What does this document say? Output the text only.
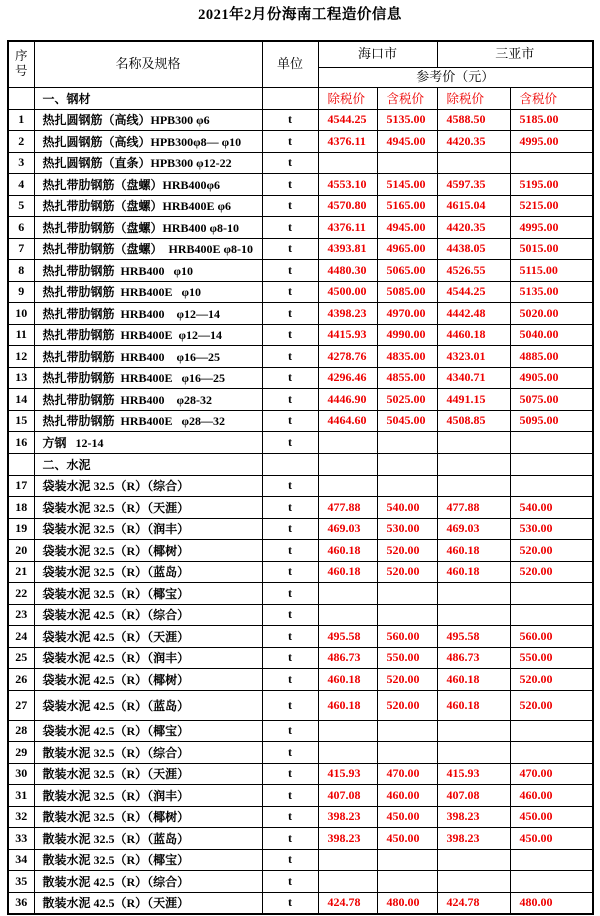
2021年2月份海南工程造价信息
序号	名称及规格	单位	海口市		三亚市	
			参考价（元）			
	一、钢材		除税价	含税价	除税价	含税价
1	热扎圆钢筋（高线）HPB300 φ6	t	4544.25	5135.00	4588.50	5185.00
2	热扎圆钢筋（高线）HPB300φ8— φ10	t	4376.11	4945.00	4420.35	4995.00
3	热扎圆钢筋（直条）HPB300 φ12-22	t				
4	热扎带肋钢筋（盘螺）HRB400φ6	t	4553.10	5145.00	4597.35	5195.00
5	热扎带肋钢筋（盘螺）HRB400E φ6	t	4570.80	5165.00	4615.04	5215.00
6	热扎带肋钢筋（盘螺）HRB400 φ8-10	t	4376.11	4945.00	4420.35	4995.00
7	热扎带肋钢筋（盘螺）  HRB400E φ8-10	t	4393.81	4965.00	4438.05	5015.00
8	热扎带肋钢筋  HRB400   φ10	t	4480.30	5065.00	4526.55	5115.00
9	热扎带肋钢筋  HRB400E   φ10	t	4500.00	5085.00	4544.25	5135.00
10	热扎带肋钢筋  HRB400    φ12—14	t	4398.23	4970.00	4442.48	5020.00
11	热扎带肋钢筋  HRB400E  φ12—14	t	4415.93	4990.00	4460.18	5040.00
12	热扎带肋钢筋  HRB400    φ16—25	t	4278.76	4835.00	4323.01	4885.00
13	热扎带肋钢筋  HRB400E   φ16—25	t	4296.46	4855.00	4340.71	4905.00
14	热扎带肋钢筋  HRB400    φ28-32	t	4446.90	5025.00	4491.15	5075.00
15	热扎带肋钢筋  HRB400E   φ28—32	t	4464.60	5045.00	4508.85	5095.00
16	方钢   12-14	t				
	二、水泥					
17	袋装水泥 32.5（R）（综合）	t				
18	袋装水泥 32.5（R）（天涯）	t	477.88	540.00	477.88	540.00
19	袋装水泥 32.5（R）（润丰）	t	469.03	530.00	469.03	530.00
20	袋装水泥 32.5（R）（椰树）	t	460.18	520.00	460.18	520.00
21	袋装水泥 32.5（R）（蓝岛）	t	460.18	520.00	460.18	520.00
22	袋装水泥 32.5（R）（椰宝）	t				
23	袋装水泥 42.5（R）（综合）	t				
24	袋装水泥 42.5（R）（天涯）	t	495.58	560.00	495.58	560.00
25	袋装水泥 42.5（R）（润丰）	t	486.73	550.00	486.73	550.00
26	袋装水泥 42.5（R）（椰树）	t	460.18	520.00	460.18	520.00
27	袋装水泥 42.5（R）（蓝岛）	t	460.18	520.00	460.18	520.00
28	袋装水泥 42.5（R）（椰宝）	t				
29	散装水泥 32.5（R）（综合）	t				
30	散装水泥 32.5（R）（天涯）	t	415.93	470.00	415.93	470.00
31	散装水泥 32.5（R）（润丰）	t	407.08	460.00	407.08	460.00
32	散装水泥 32.5（R）（椰树）	t	398.23	450.00	398.23	450.00
33	散装水泥 32.5（R）（蓝岛）	t	398.23	450.00	398.23	450.00
34	散装水泥 32.5（R）（椰宝）	t				
35	散装水泥 42.5（R）（综合）	t				
36	散装水泥 42.5（R）（天涯）	t	424.78	480.00	424.78	480.00
